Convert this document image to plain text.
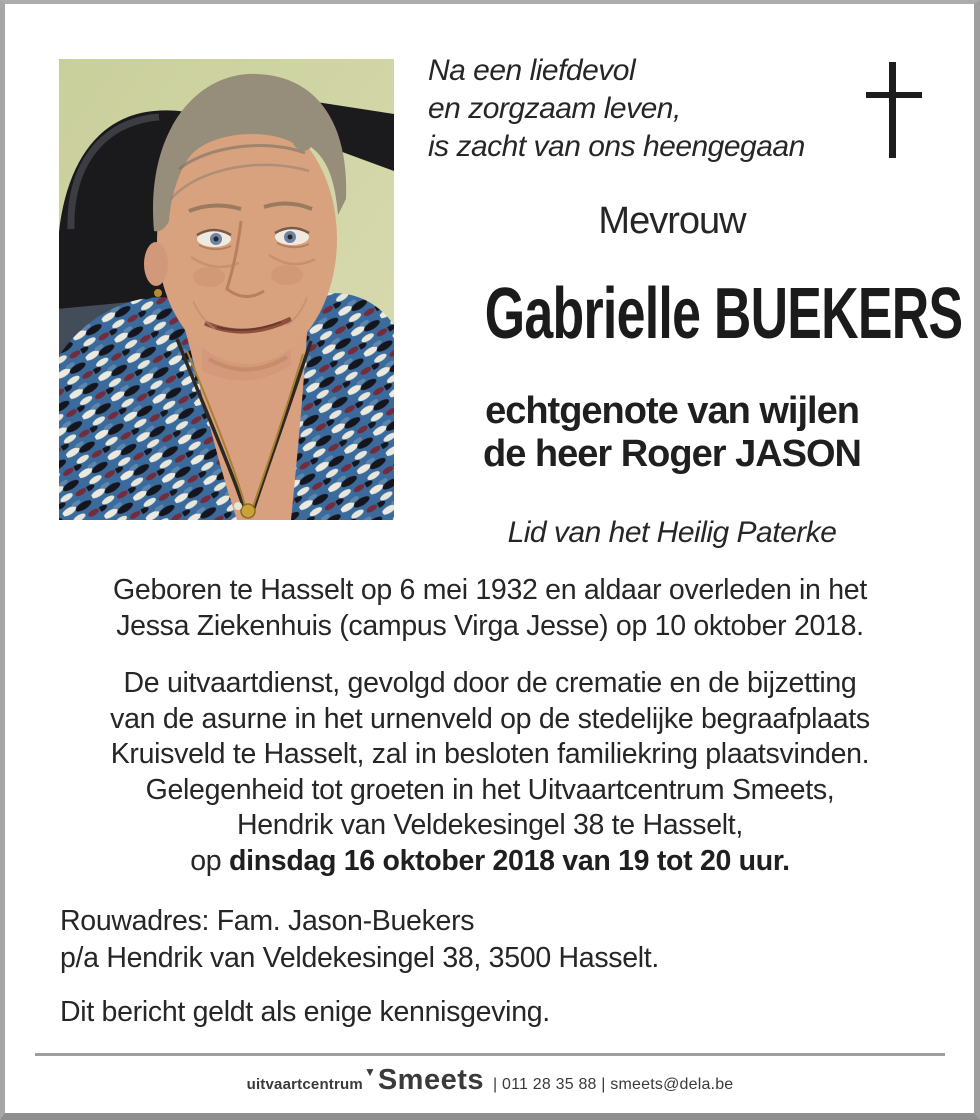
Na een liefdevol
en zorgzaam leven,
is zacht van ons heengegaan
Mevrouw
Gabrielle BUEKERS
echtgenote van wijlen
de heer Roger JASON
Lid van het Heilig Paterke
Geboren te Hasselt op 6 mei 1932 en aldaar overleden in het
Jessa Ziekenhuis (campus Virga Jesse) op 10 oktober 2018.
De uitvaartdienst, gevolgd door de crematie en de bijzetting
van de asurne in het urnenveld op de stedelijke begraafplaats
Kruisveld te Hasselt, zal in besloten familiekring plaatsvinden.
Gelegenheid tot groeten in het Uitvaartcentrum Smeets,
Hendrik van Veldekesingel 38 te Hasselt,
op dinsdag 16 oktober 2018 van 19 tot 20 uur.
Rouwadres: Fam. Jason-Buekers
p/a Hendrik van Veldekesingel 38, 3500 Hasselt.
Dit bericht geldt als enige kennisgeving.
uitvaartcentrum
▼ Smeets | 011 28 35 88 | smeets@dela.be
